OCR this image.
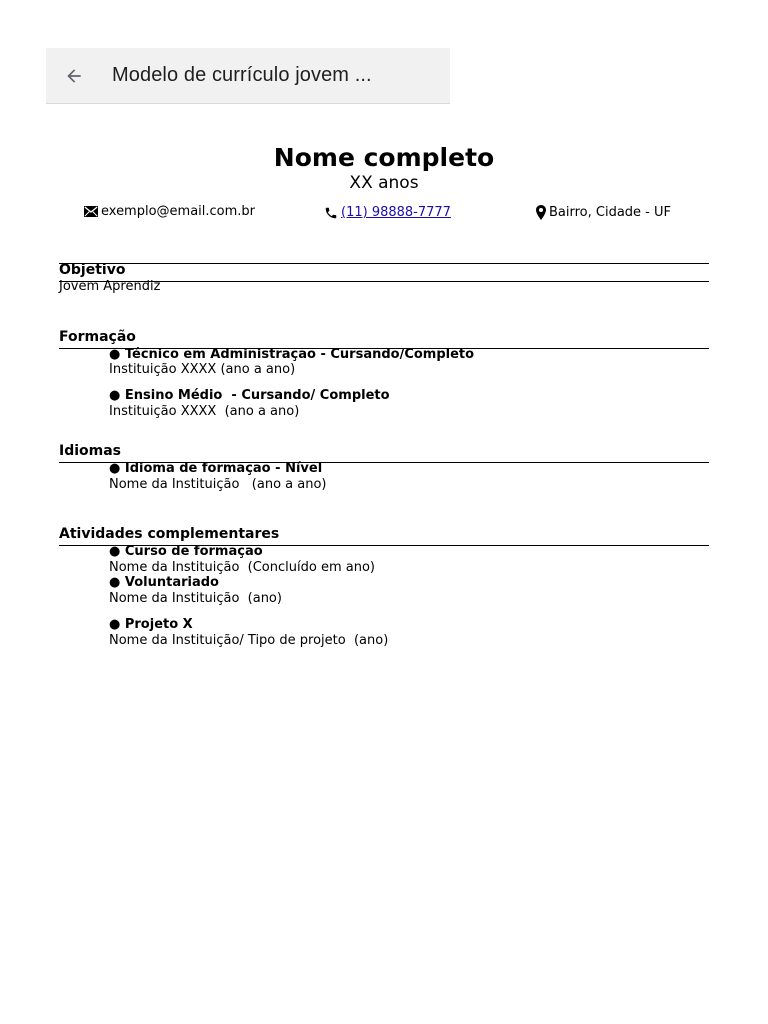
Modelo de currículo jovem ...
Nome completo
XX anos
exemplo@email.com.br	(11) 98888-7777	Bairro, Cidade - UF
Objetivo
Jovem Aprendiz
Formação
● Técnico em Administração - Cursando/Completo
Instituição XXXX (ano a ano)
● Ensino Médio  - Cursando/ Completo
Instituição XXXX  (ano a ano)
Idiomas
● Idioma de formação - Nível
Nome da Instituição   (ano a ano)
Atividades complementares
● Curso de formação
Nome da Instituição  (Concluído em ano)
● Voluntariado
Nome da Instituição  (ano)
● Projeto X
Nome da Instituição/ Tipo de projeto  (ano)
